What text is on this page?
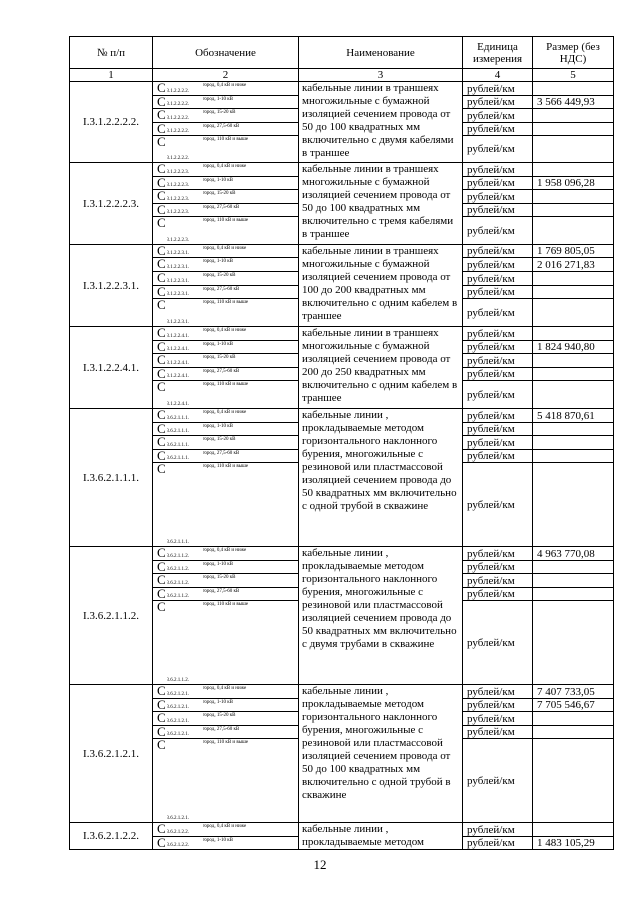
№ п/п	Обозначение			Наименование	Единица измерения	Размер (без НДС)
1	2			3	4	5
I.3.1.2.2.2.2.	С	3.1.2.2.2.2.	город, 0,4 кВ и ниже	кабельные линии в траншеях многожильные с бумажной изоляцией сечением провода от 50 до 100 квадратных мм включительно с двумя кабелями в траншее	рублей/км	
	С	3.1.2.2.2.2.	город, 1-10 кВ		рублей/км	3 566 449,93
	С	3.1.2.2.2.2.	город, 15-20 кВ		рублей/км	
	С	3.1.2.2.2.2.	город, 27,5-60 кВ		рублей/км	
	С	3.1.2.2.2.2.	город, 110 кВ и выше		рублей/км	
I.3.1.2.2.2.3.	С	3.1.2.2.2.3.	город, 0,4 кВ и ниже	кабельные линии в траншеях многожильные с бумажной изоляцией сечением провода от 50 до 100 квадратных мм включительно с тремя кабелями в траншее	рублей/км	
	С	3.1.2.2.2.3.	город, 1-10 кВ		рублей/км	1 958 096,28
	С	3.1.2.2.2.3.	город, 15-20 кВ		рублей/км	
	С	3.1.2.2.2.3.	город, 27,5-60 кВ		рублей/км	
	С	3.1.2.2.2.3.	город, 110 кВ и выше		рублей/км	
I.3.1.2.2.3.1.	С	3.1.2.2.3.1.	город, 0,4 кВ и ниже	кабельные линии в траншеях многожильные с бумажной изоляцией сечением провода от 100 до 200 квадратных мм включительно с одним кабелем в траншее	рублей/км	1 769 805,05
	С	3.1.2.2.3.1.	город, 1-10 кВ		рублей/км	2 016 271,83
	С	3.1.2.2.3.1.	город, 15-20 кВ		рублей/км	
	С	3.1.2.2.3.1.	город, 27,5-60 кВ		рублей/км	
	С	3.1.2.2.3.1.	город, 110 кВ и выше		рублей/км	
I.3.1.2.2.4.1.	С	3.1.2.2.4.1.	город, 0,4 кВ и ниже	кабельные линии в траншеях многожильные с бумажной изоляцией сечением провода от 200 до 250 квадратных мм включительно с одним кабелем в траншее	рублей/км	
	С	3.1.2.2.4.1.	город, 1-10 кВ		рублей/км	1 824 940,80
	С	3.1.2.2.4.1.	город, 15-20 кВ		рублей/км	
	С	3.1.2.2.4.1.	город, 27,5-60 кВ		рублей/км	
	С	3.1.2.2.4.1.	город, 110 кВ и выше		рублей/км	
I.3.6.2.1.1.1.	С	3.6.2.1.1.1.	город, 0,4 кВ и ниже	кабельные линии , прокладываемые методом горизонтального наклонного бурения, многожильные с резиновой или пластмассовой изоляцией сечением провода до 50 квадратных мм включительно с одной трубой в скважине	рублей/км	5 418 870,61
	С	3.6.2.1.1.1.	город, 1-10 кВ		рублей/км	
	С	3.6.2.1.1.1.	город, 15-20 кВ		рублей/км	
	С	3.6.2.1.1.1.	город, 27,5-60 кВ		рублей/км	
	С	3.6.2.1.1.1.	город, 110 кВ и выше		рублей/км	
I.3.6.2.1.1.2.	С	3.6.2.1.1.2.	город, 0,4 кВ и ниже	кабельные линии , прокладываемые методом горизонтального наклонного бурения, многожильные с резиновой или пластмассовой изоляцией сечением провода до 50 квадратных мм включительно с двумя трубами в скважине	рублей/км	4 963 770,08
	С	3.6.2.1.1.2.	город, 1-10 кВ		рублей/км	
	С	3.6.2.1.1.2.	город, 15-20 кВ		рублей/км	
	С	3.6.2.1.1.2.	город, 27,5-60 кВ		рублей/км	
	С	3.6.2.1.1.2.	город, 110 кВ и выше		рублей/км	
I.3.6.2.1.2.1.	С	3.6.2.1.2.1.	город, 0,4 кВ и ниже	кабельные линии , прокладываемые методом горизонтального наклонного бурения, многожильные с резиновой или пластмассовой изоляцией сечением провода от 50 до 100 квадратных мм включительно с одной трубой в скважине	рублей/км	7 407 733,05
	С	3.6.2.1.2.1.	город, 1-10 кВ		рублей/км	7 705 546,67
	С	3.6.2.1.2.1.	город, 15-20 кВ		рублей/км	
	С	3.6.2.1.2.1.	город, 27,5-60 кВ		рублей/км	
	С	3.6.2.1.2.1.	город, 110 кВ и выше		рублей/км	
I.3.6.2.1.2.2.	С	3.6.2.1.2.2.	город, 0,4 кВ и ниже	кабельные линии , прокладываемые методом	рублей/км	
	С	3.6.2.1.2.2.	город, 1-10 кВ		рублей/км	1 483 105,29
12
